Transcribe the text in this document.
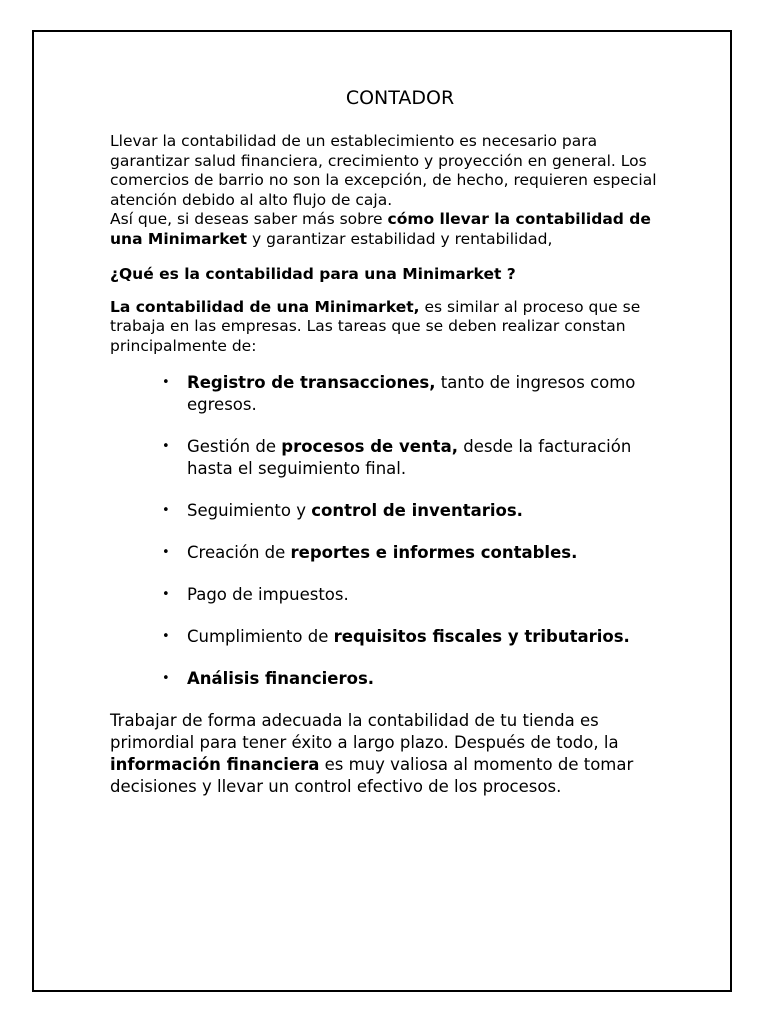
CONTADOR

Llevar la contabilidad de un establecimiento es necesario para garantizar salud financiera, crecimiento y proyección en general. Los comercios de barrio no son la excepción, de hecho, requieren especial atención debido al alto flujo de caja.

Así que, si deseas saber más sobre cómo llevar la contabilidad de una Minimarket y garantizar estabilidad y rentabilidad,

¿Qué es la contabilidad para una Minimarket ?

La contabilidad de una Minimarket, es similar al proceso que se trabaja en las empresas. Las tareas que se deben realizar constan principalmente de:

• Registro de transacciones, tanto de ingresos como egresos.
• Gestión de procesos de venta, desde la facturación hasta el seguimiento final.
• Seguimiento y control de inventarios.
• Creación de reportes e informes contables.
• Pago de impuestos.
• Cumplimiento de requisitos fiscales y tributarios.
• Análisis financieros.

Trabajar de forma adecuada la contabilidad de tu tienda es primordial para tener éxito a largo plazo. Después de todo, la información financiera es muy valiosa al momento de tomar decisiones y llevar un control efectivo de los procesos.
